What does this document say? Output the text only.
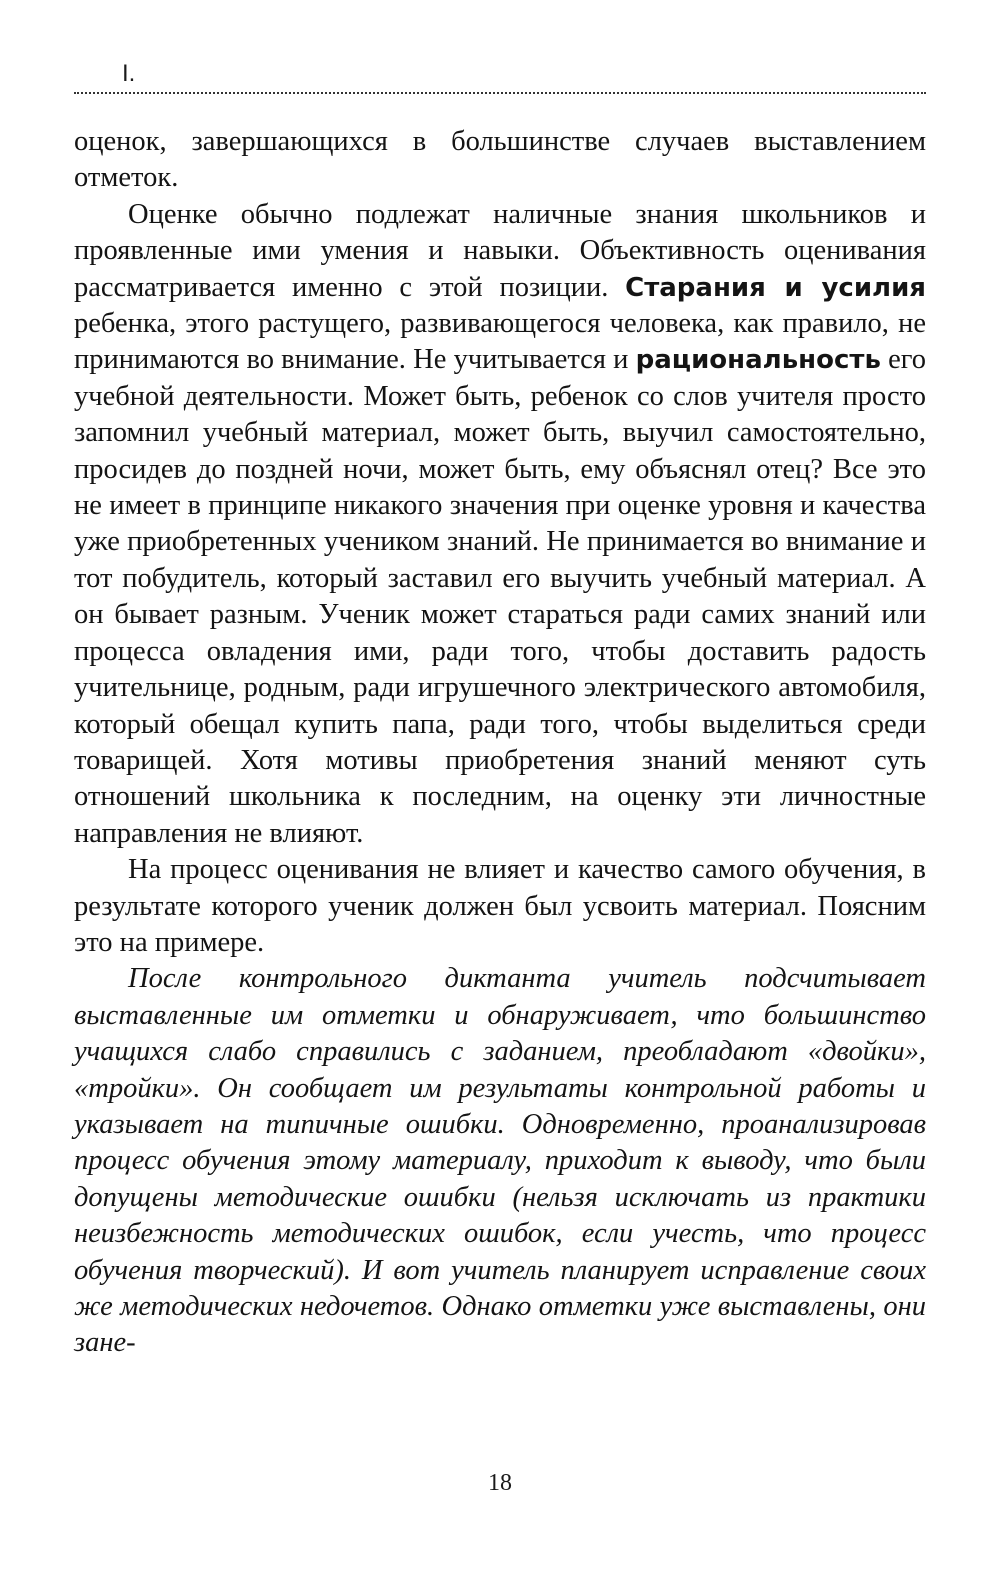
I.

оценок, завершающихся в большинстве случаев выставлением отметок.

Оценке обычно подлежат наличные знания школьников и проявленные ими умения и навыки. Объективность оценивания рассматривается именно с этой позиции. Старания и усилия ребенка, этого растущего, развивающегося человека, как правило, не принимаются во внимание. Не учитывается и рациональность его учебной деятельности. Может быть, ребенок со слов учителя просто запомнил учебный материал, может быть, выучил самостоятельно, просидев до поздней ночи, может быть, ему объяснял отец? Все это не имеет в принципе никакого значения при оценке уровня и качества уже приобретенных учеником знаний. Не принимается во внимание и тот побудитель, который заставил его выучить учебный материал. А он бывает разным. Ученик может стараться ради самих знаний или процесса овладения ими, ради того, чтобы доставить радость учительнице, родным, ради игрушечного электрического автомобиля, который обещал купить папа, ради того, чтобы выделиться среди товарищей. Хотя мотивы приобретения знаний меняют суть отношений школьника к последним, на оценку эти личностные направления не влияют.

На процесс оценивания не влияет и качество самого обучения, в результате которого ученик должен был усвоить материал. Поясним это на примере.

После контрольного диктанта учитель подсчитывает выставленные им отметки и обнаруживает, что большинство учащихся слабо справились с заданием, преобладают «двойки», «тройки». Он сообщает им результаты контрольной работы и указывает на типичные ошибки. Одновременно, проанализировав процесс обучения этому материалу, приходит к выводу, что были допущены методические ошибки (нельзя исключать из практики неизбежность методических ошибок, если учесть, что процесс обучения творческий). И вот учитель планирует исправление своих же методических недочетов. Однако отметки уже выставлены, они зане-

18
